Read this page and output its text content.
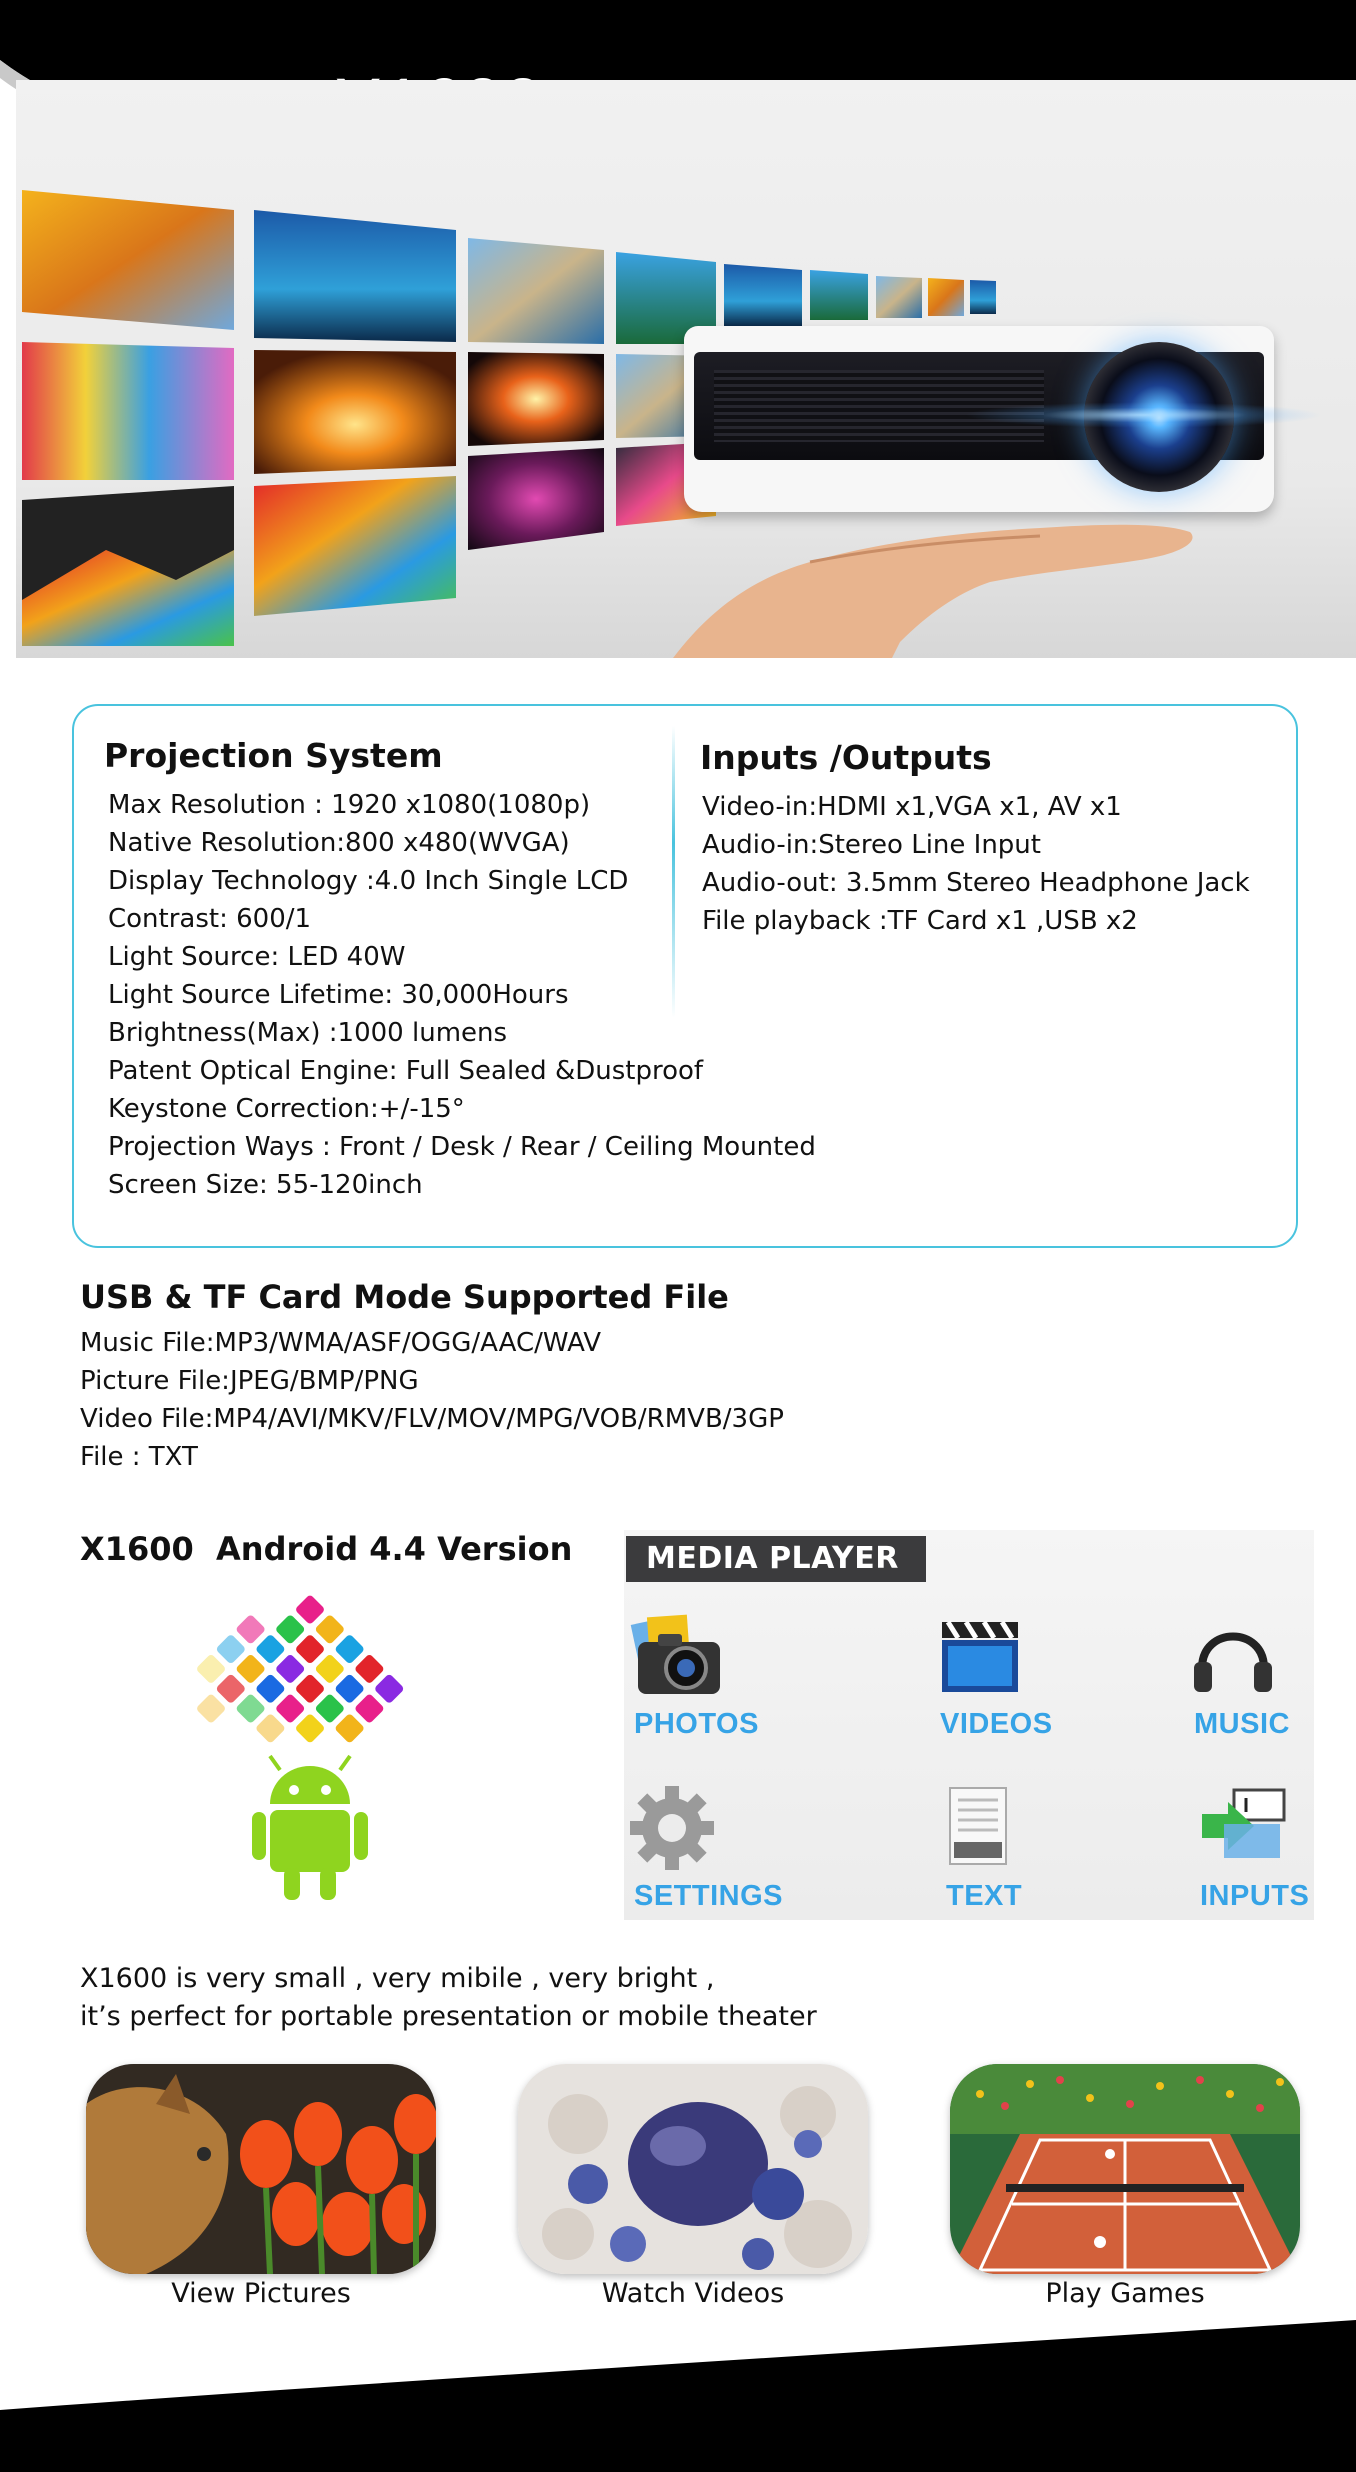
Projection System
Max Resolution : 1920 x1080(1080p)
Native Resolution:800 x480(WVGA)
Display Technology :4.0 Inch Single LCD
Contrast: 600/1
Light Source: LED 40W
Light Source Lifetime: 30,000Hours
Brightness(Max) :1000 lumens
Patent Optical Engine: Full Sealed &Dustproof
Keystone Correction:+/-15°
Projection Ways : Front / Desk / Rear / Ceiling Mounted
Screen Size: 55-120inch
Inputs /Outputs
Video-in:HDMI x1,VGA x1, AV x1
Audio-in:Stereo Line Input
Audio-out: 3.5mm Stereo Headphone Jack
File playback :TF Card x1 ,USB x2
USB & TF Card Mode Supported File
Music File:MP3/WMA/ASF/OGG/AAC/WAV
Picture File:JPEG/BMP/PNG
Video File:MP4/AVI/MKV/FLV/MOV/MPG/VOB/RMVB/3GP
File : TXT
X1600  Android 4.4 Version	MEDIA PLAYER
PHOTOS	VIDEOS	MUSIC
SETTINGS	TEXT	INPUTS
X1600 is very small , very mibile , very bright ,
it’s perfect for portable presentation or mobile theater
View Pictures	Watch Videos	Play Games
